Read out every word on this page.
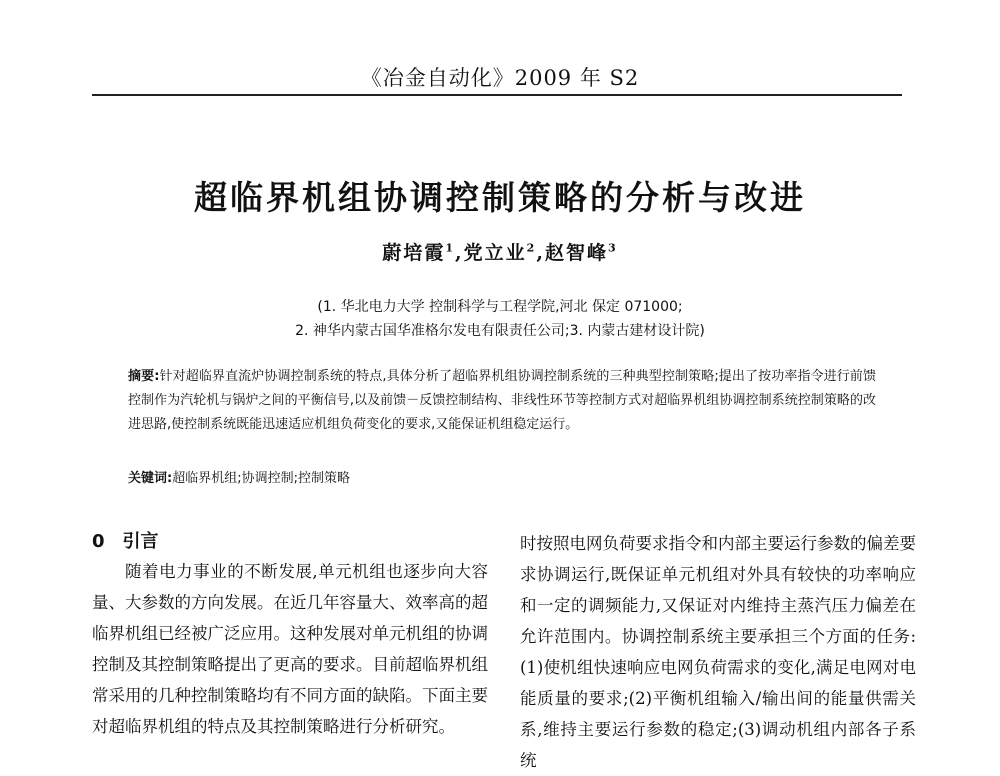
《冶金自动化》2009 年 S2
超临界机组协调控制策略的分析与改进
蔚培霞$^1$,党立业$^2$,赵智峰$^3$
(1. 华北电力大学 控制科学与工程学院,河北 保定 071000;
2. 神华内蒙古国华准格尔发电有限责任公司;3. 内蒙古建材设计院)
摘要:针对超临界直流炉协调控制系统的特点,具体分析了超临界机组协调控制系统的三种典型控制策略;提出了按功率指令进行前馈控制作为汽轮机与锅炉之间的平衡信号,以及前馈－反馈控制结构、非线性环节等控制方式对超临界机组协调控制系统控制策略的改进思路,使控制系统既能迅速适应机组负荷变化的要求,又能保证机组稳定运行。
关键词:超临界机组;协调控制;控制策略
0 引言

随着电力事业的不断发展,单元机组也逐步向大容量、大参数的方向发展。在近几年容量大、效率高的超临界机组已经被广泛应用。这种发展对单元机组的协调控制及其控制策略提出了更高的要求。目前超临界机组常采用的几种控制策略均有不同方面的缺陷。下面主要对超临界机组的特点及其控制策略进行分析研究。

时按照电网负荷要求指令和内部主要运行参数的偏差要求协调运行,既保证单元机组对外具有较快的功率响应和一定的调频能力,又保证对内维持主蒸汽压力偏差在允许范围内。协调控制系统主要承担三个方面的任务:(1)使机组快速响应电网负荷需求的变化,满足电网对电能质量的要求;(2)平衡机组输入/输出间的能量供需关系,维持主要运行参数的稳定;(3)调动机组内部各子系统
